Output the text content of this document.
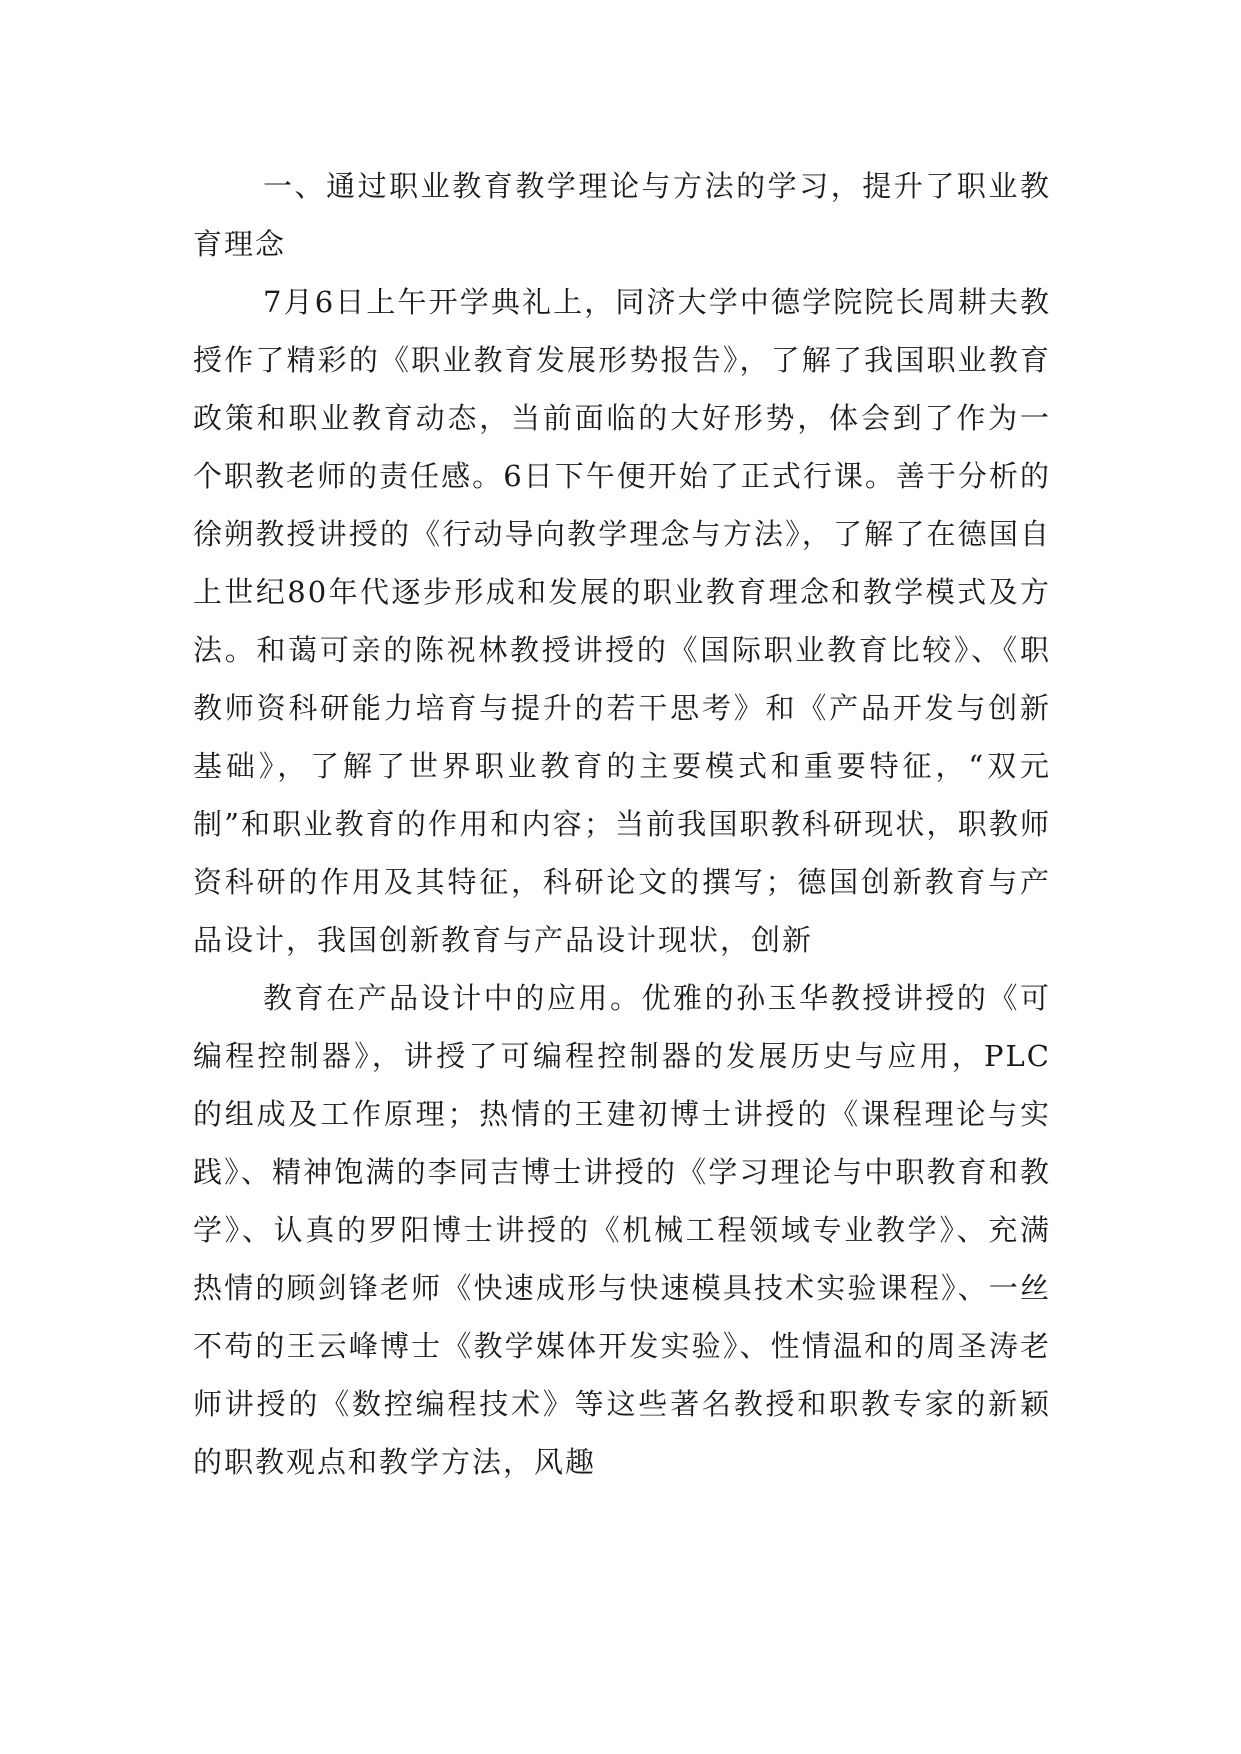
一、通过职业教育教学理论与方法的学习，提升了职业教育理念

7月6日上午开学典礼上，同济大学中德学院院长周耕夫教授作了精彩的《职业教育发展形势报告》，了解了我国职业教育政策和职业教育动态，当前面临的大好形势，体会到了作为一个职教老师的责任感。6日下午便开始了正式行课。善于分析的徐朔教授讲授的《行动导向教学理念与方法》，了解了在德国自上世纪80年代逐步形成和发展的职业教育理念和教学模式及方法。和蔼可亲的陈祝林教授讲授的《国际职业教育比较》、《职教师资科研能力培育与提升的若干思考》和《产品开发与创新基础》，了解了世界职业教育的主要模式和重要特征，“双元制”和职业教育的作用和内容；当前我国职教科研现状，职教师资科研的作用及其特征，科研论文的撰写；德国创新教育与产品设计，我国创新教育与产品设计现状，创新

教育在产品设计中的应用。优雅的孙玉华教授讲授的《可编程控制器》，讲授了可编程控制器的发展历史与应用，PLC的组成及工作原理；热情的王建初博士讲授的《课程理论与实践》、精神饱满的李同吉博士讲授的《学习理论与中职教育和教学》、认真的罗阳博士讲授的《机械工程领域专业教学》、充满热情的顾剑锋老师《快速成形与快速模具技术实验课程》、一丝不苟的王云峰博士《教学媒体开发实验》、性情温和的周圣涛老师讲授的《数控编程技术》等这些著名教授和职教专家的新颖的职教观点和教学方法，风趣
